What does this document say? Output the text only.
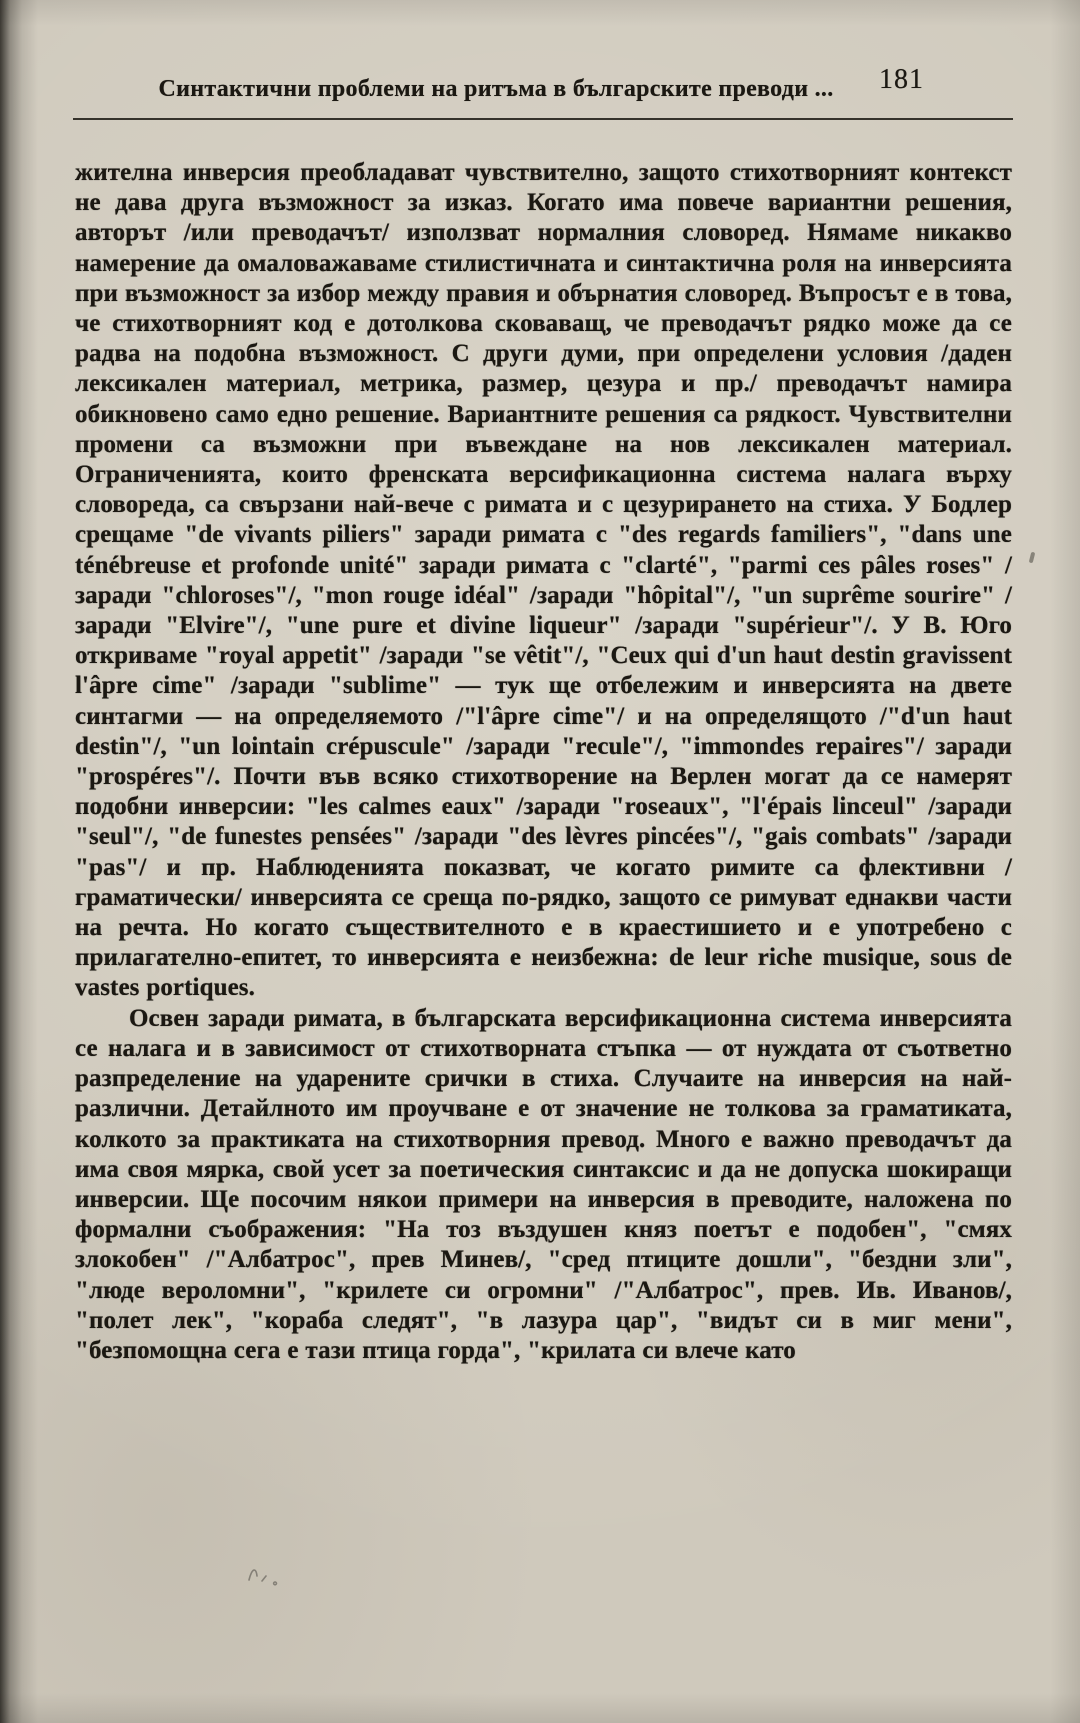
Синтактични проблеми на ритъма в българските преводи ...	181

жителна инверсия преобладават чувствително, защото стихотворният контекст не дава друга възможност за изказ. Когато има повече вариантни решения, авторът /или преводачът/ използват нормалния словоред. Нямаме никакво намерение да омаловажаваме стилистичната и синтактична роля на инверсията при възможност за избор между правия и обърнатия словоред. Въпросът е в това, че стихотворният код е дотолкова сковаващ, че преводачът рядко може да се радва на подобна възможност. С други думи, при определени условия /даден лексикален материал, метрика, размер, цезура и пр./ преводачът намира обикновено само едно решение. Вариантните решения са рядкост. Чувствителни промени са възможни при въвеждане на нов лексикален материал. Ограниченията, които френската версификационна система налага върху словореда, са свързани най-вече с римата и с цезурирането на стиха. У Бодлер срещаме "de vivants piliers" заради римата с "des regards familiers", "dans une ténébreuse et profonde unité" заради римата с "clarté", "parmi ces pâles roses" /заради "chloroses"/, "mon rouge idéal" /заради "hôpital"/, "un suprême sourire" /заради "Elvire"/, "une pure et divine liqueur" /заради "supérieur"/. У В. Юго откриваме "royal appetit" /заради "se vêtit"/, "Ceux qui d'un haut destin gravissent l'âpre cime" /заради "sublime" — тук ще отбележим и инверсията на двете синтагми — на определяемото /"l'âpre cime"/ и на определящото /"d'un haut destin"/, "un lointain crépuscule" /заради "recule"/, "immondes repaires"/ заради "prospéres"/. Почти във всяко стихотворение на Верлен могат да се намерят подобни инверсии: "les calmes eaux" /заради "roseaux", "l'épais linceul" /заради "seul"/, "de funestes pensées" /заради "des lèvres pincées"/, "gais combats" /заради "pas"/ и пр. Наблюденията показват, че когато римите са флективни /граматически/ инверсията се среща по-рядко, защото се римуват еднакви части на речта. Но когато съществителното е в краестишието и е употребено с прилагателно-епитет, то инверсията е неизбежна: de leur riche musique, sous de vastes portiques.

Освен заради римата, в българската версификационна система инверсията се налага и в зависимост от стихотворната стъпка — от нуждата от съответно разпределение на ударените срички в стиха. Случаите на инверсия на най-различни. Детайлното им проучване е от значение не толкова за граматиката, колкото за практиката на стихотворния превод. Много е важно преводачът да има своя мярка, свой усет за поетическия синтаксис и да не допуска шокиращи инверсии. Ще посочим някои примери на инверсия в преводите, наложена по формални съображения: "На тоз въздушен княз поетът е подобен", "смях злокобен" /"Албатрос", прев Минев/, "сред птиците дошли", "бездни зли", "люде вероломни", "крилете си огромни" /"Албатрос", прев. Ив. Иванов/, "полет лек", "кораба следят", "в лазура цар", "видът си в миг мени", "безпомощна сега е тази птица горда", "крилата си влече като
